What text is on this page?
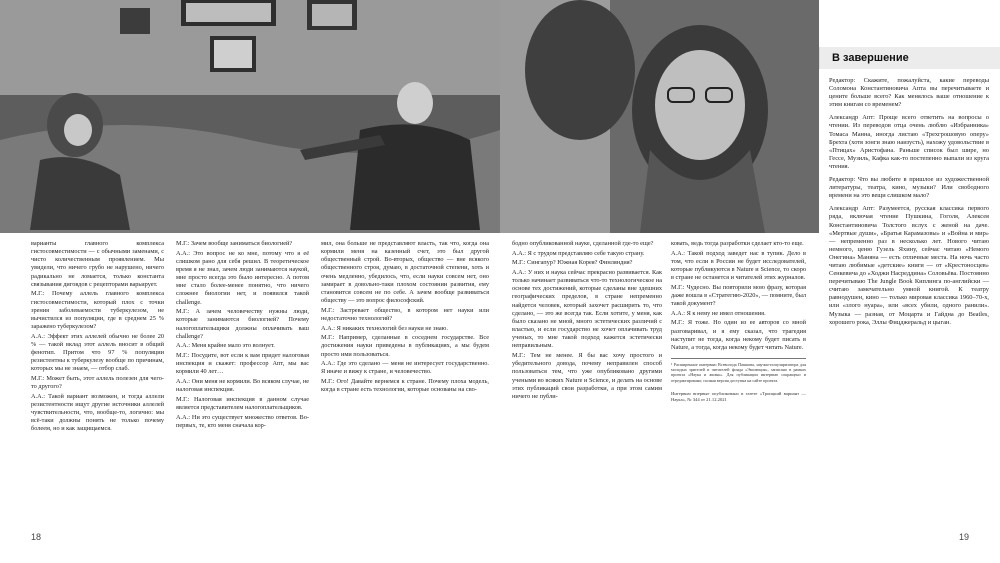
В завершение

Редактор: Скажите, пожалуйста, какие переводы Соломона Константиновича Апта вы перечитываете и цените больше всего? Как менялось ваше отношение к этим книгам со временем?

Александр Апт: Проще всего ответить на вопросы о чтении. Из переводов отца очень люблю «Избранника» Томаса Манна, иногда листаю «Трехгрошовую оперу» Брехта (хотя зонги знаю наизусть), нахожу удовольствие в «Птицах» Аристофана. Раньше список был шире, но Гессе, Музиль, Кафка как-то постепенно выпали из круга чтения.

Редактор: Что вы любите в пришлое из художественной литературы, театра, кино, музыки? Или свободного времени на это вещи слишком мало?

Александр Апт: Разумеется, русская классика первого ряда, включая чтение Пушкина, Гоголя, Алексея Константиновича Толстого вслух с женой на даче. «Мертвые души», «Братья Карамазовы» и «Война и мир» — непременно раз в несколько лет. Нового читаю немного, ценю Гузель Яхину, сейчас читаю «Немого Онегина» Маняна — есть отличные места. На ночь часто читаю любимые «детские» книги — от «Крестоносцев» Сенкевича до «Ходжи Насреддина» Соловьёва. Постоянно перечитываю The Jungle Book Киплинга по-английски — считаю замечательно умной книгой. К театру равнодушен, кино — только мировая классика 1960–70-х, или «злого нуара», или «всех убили, одного ранили». Музыка — разная, от Моцарта и Гайдна до Beatles, хорошего рока, Эллы Фицджеральд и цыган.

варианты главного комплекса гистосовместимости — с обычными заменами, с чисто количественным проявлением. Мы увидели, что ничего грубо не нарушено, ничего радикально не ломается, только константа связывания диговдов с рецепторами варьирует.

М.Г.: Почему аллель главного комплекса гистосовместимости, который плох с точки зрения заболеваемости туберкулезом, не вычистился из популяции, где в среднем 25 % заражено туберкулезом?

А.А.: Эффект этих аллелей обычно не более 20 % — такой вклад этот аллель вносит в общий фенотип. Притом что 97 % популяции резистентны к туберкулезу вообще по причинам, которых мы не знаем, — отбор слаб.

М.Г.: Может быть, этот аллель полезен для чего-то другого?

А.А.: Такой вариант возможен, и тогда аллели резистентности ищут другие источники аллелей чувствительности, что, вообще-то, логично: мы всё-таки должны понять не только почему болеем, но и как защищаемся.

М.Г.: Зачем вообще заниматься биологией?

А.А.: Это вопрос не ко мне, потому что я её слишком рано для себя решил. В теоретическое время я не знал, зачем люди занимаются наукой, мне просто всегда это было интересно. А потом мне стало более-менее понятно, что ничего сложнее биологии нет, и появился такой challenge.

М.Г.: А зачем человечеству нужны люди, которые занимаются биологией? Почему налогоплательщики должны оплачивать ваш challenge?

А.А.: Меня крайне мало это волнует.

М.Г.: Посудите, вот если к вам придет налоговая инспекция и скажет: профессор Апт, мы вас кормили 40 лет…

А.А.: Они меня не кормили. Во всяком случае, не налоговая инспекция.

М.Г.: Налоговая инспекция в данном случае является представителем налогоплательщиков.

А.А.: Ни это существует множество ответов. Во-первых, те, кто меня сначала кор-

мил, она больше не представляют власть, так что, когда она кормили меня на казенный счет, это был другой общественный строй. Во-вторых, общество — вне всякого общественного строя, думаю, в достаточной степени, хоть и очень медленно, убедилось, что, если науки совсем нет, оно замирает в довольно-таки плохом состоянии развития, ему становится совсем не по себе. А зачем вообще развиваться обществу — это вопрос философский.

М.Г.: Застревает общество, в котором нет науки или недостаточно технологий?

А.А.: Я никаких технологий без науки не знаю.

М.Г.: Например, сделанные в соседнем государстве. Все достижения науки приведены в публикациях, а мы будем просто ими пользоваться.

А.А.: Где это сделано — меня не интересует государственно. Я иначе и вижу к стране, и человечество.

М.Г.: Ого! Давайте вернемся к стране. Почему плоха модель, когда в стране есть технологии, которые основаны на сво-

бодно опубликованной науке, сделанной где-то еще?

А.А.: Я с трудом представляю себе такую страну.

М.Г.: Сингапур? Южная Корея? Финляндия?

А.А.: У них и наука сейчас прекрасно развивается. Как только начинает развиваться что-то технологическое на основе тех достижений, которые сделаны вне здешних географических пределов, в стране непременно найдется человек, который захочет расширить то, что сделано, — это же всегда так. Если хотите, у меня, как было сказано не мной, много эстетических различий с властью, и если государство не хочет оплачивать труд ученых, то мне такой подход кажется эстетически неправильным.

М.Г.: Тем не менее. Я бы вас хочу простого и убедительного довода, почему неправилен способ пользоваться тем, что уже опубликовано другими учеными во всяких Nature и Science, и делать на основе этих публикаций свои разработки, а при этом самим ничего не публи-

ковать, ведь тогда разработки сделает кто-то еще.

А.А.: Такой подход заведет нас в тупик. Дело в том, что если в России не будет исследователей, которые публикуются в Nature и Science, то скоро в стране не останется и читателей этих журналов.

М.Г.: Чудесно. Вы повторили мою фразу, которая даже вошла в «Стратегию-2020», — помните, был такой документ?

А.А.: Я к нему не имел отношения.

М.Г.: Я тоже. Но один из ее авторов со мной разговаривал, и я ему сказал, что трагедия наступит не тогда, когда некому будет писать в Nature, а тогда, когда некому будет читать Nature.

¹ Расширенное интервью Всеволода Пашкова, научно-популяризатора для молодых зрителей и читателей фонда «Эволюция», записано в рамках проекта «Наука и жизнь». Для публикации интервью сокращено и отредактировано; полная версия доступна на сайте проекта.
Интервью впервые опубликовано в газете «Троицкий вариант — Наука», № 344 от 21.12.2021
18	19
